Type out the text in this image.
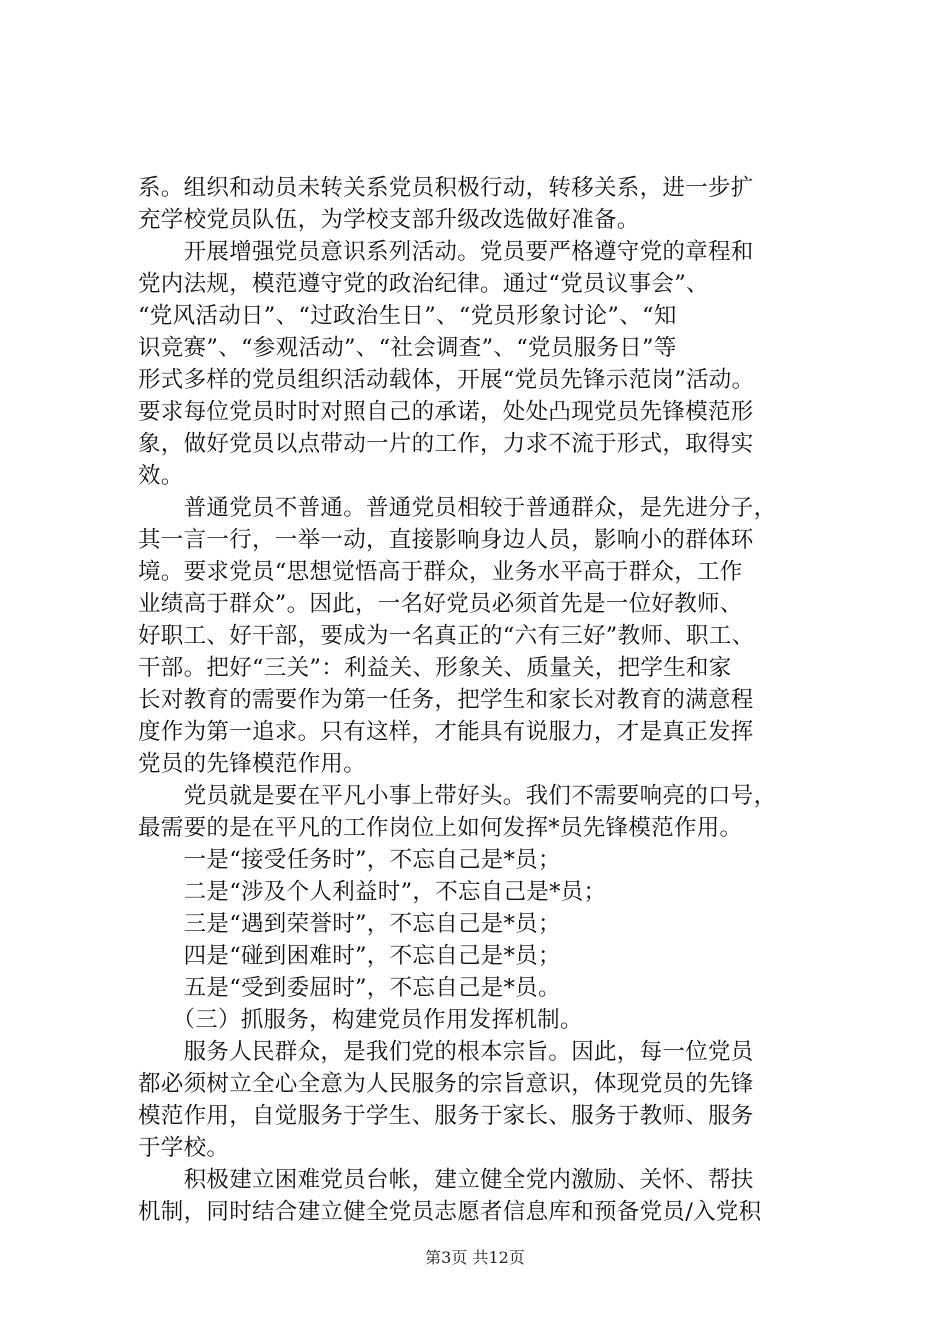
系。组织和动员未转关系党员积极行动，转移关系，进一步扩
充学校党员队伍，为学校支部升级改选做好准备。
　　开展增强党员意识系列活动。党员要严格遵守党的章程和
党内法规，模范遵守党的政治纪律。通过“党员议事会”、
“党风活动日”、“过政治生日”、“党员形象讨论”、“知
识竞赛”、“参观活动”、“社会调查”、“党员服务日”等
形式多样的党员组织活动载体，开展“党员先锋示范岗”活动。
要求每位党员时时对照自己的承诺，处处凸现党员先锋模范形
象，做好党员以点带动一片的工作，力求不流于形式，取得实
效。
　　普通党员不普通。普通党员相较于普通群众，是先进分子，
其一言一行，一举一动，直接影响身边人员，影响小的群体环
境。要求党员“思想觉悟高于群众，业务水平高于群众，工作
业绩高于群众”。因此，一名好党员必须首先是一位好教师、
好职工、好干部，要成为一名真正的“六有三好”教师、职工、
干部。把好“三关”：利益关、形象关、质量关，把学生和家
长对教育的需要作为第一任务，把学生和家长对教育的满意程
度作为第一追求。只有这样，才能具有说服力，才是真正发挥
党员的先锋模范作用。
　　党员就是要在平凡小事上带好头。我们不需要响亮的口号，
最需要的是在平凡的工作岗位上如何发挥*员先锋模范作用。
　　一是“接受任务时”，不忘自己是*员；
　　二是“涉及个人利益时”，不忘自己是*员；
　　三是“遇到荣誉时”，不忘自己是*员；
　　四是“碰到困难时”，不忘自己是*员；
　　五是“受到委屈时”，不忘自己是*员。
　　（三）抓服务，构建党员作用发挥机制。
　　服务人民群众，是我们党的根本宗旨。因此，每一位党员
都必须树立全心全意为人民服务的宗旨意识，体现党员的先锋
模范作用，自觉服务于学生、服务于家长、服务于教师、服务
于学校。
　　积极建立困难党员台帐，建立健全党内激励、关怀、帮扶
机制，同时结合建立健全党员志愿者信息库和预备党员/入党积
第3页 共12页
